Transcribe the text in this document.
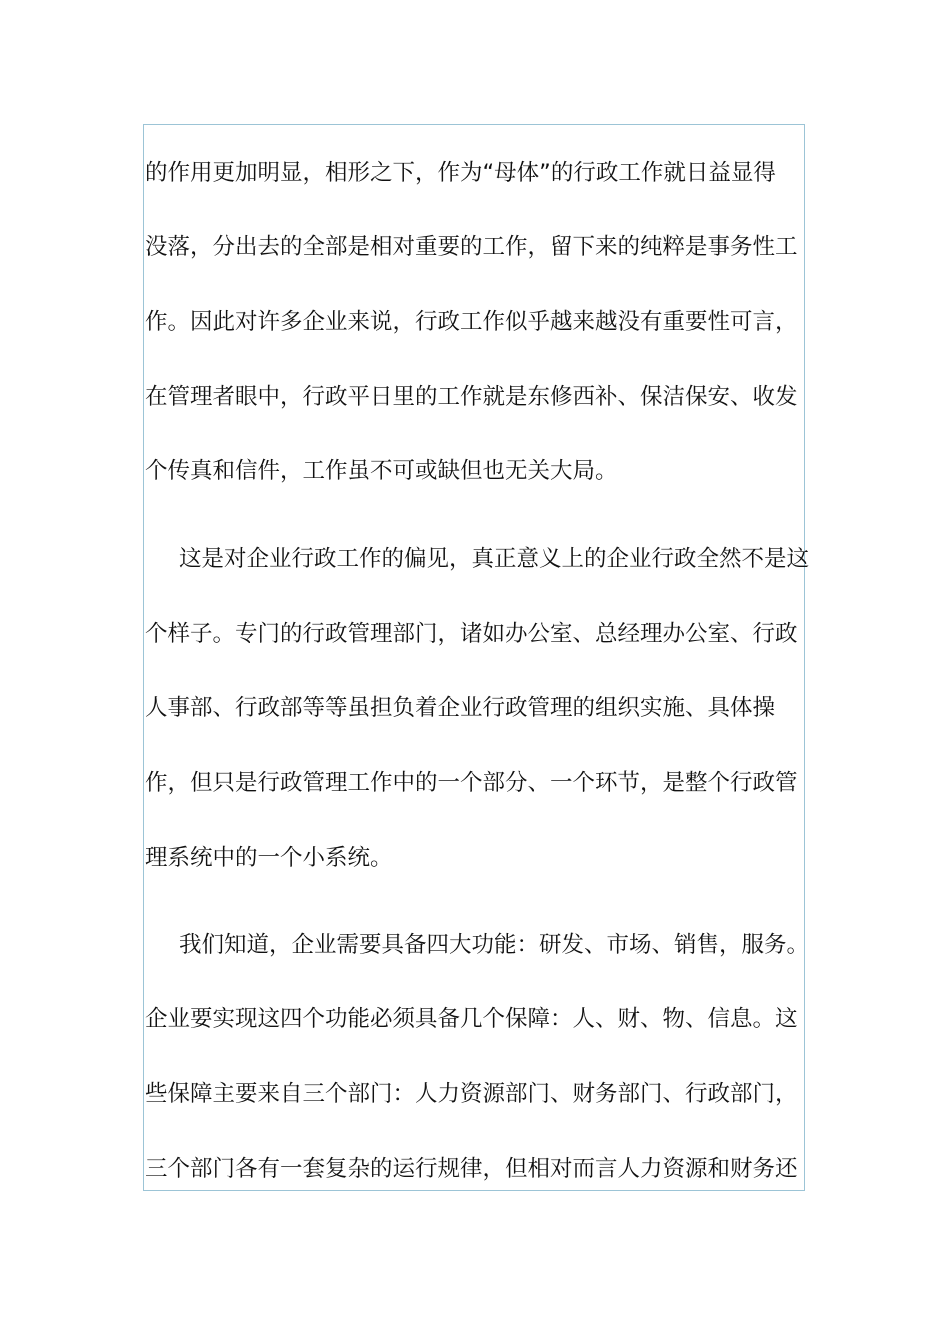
的作用更加明显，相形之下，作为“母体”的行政工作就日益显得
没落，分出去的全部是相对重要的工作，留下来的纯粹是事务性工
作。因此对许多企业来说，行政工作似乎越来越没有重要性可言，
在管理者眼中，行政平日里的工作就是东修西补、保洁保安、收发
个传真和信件，工作虽不可或缺但也无关大局。
这是对企业行政工作的偏见，真正意义上的企业行政全然不是这
个样子。专门的行政管理部门，诸如办公室、总经理办公室、行政
人事部、行政部等等虽担负着企业行政管理的组织实施、具体操
作，但只是行政管理工作中的一个部分、一个环节，是整个行政管
理系统中的一个小系统。
我们知道，企业需要具备四大功能：研发、市场、销售，服务。
企业要实现这四个功能必须具备几个保障：人、财、物、信息。这
些保障主要来自三个部门：人力资源部门、财务部门、行政部门，
三个部门各有一套复杂的运行规律，但相对而言人力资源和财务还
